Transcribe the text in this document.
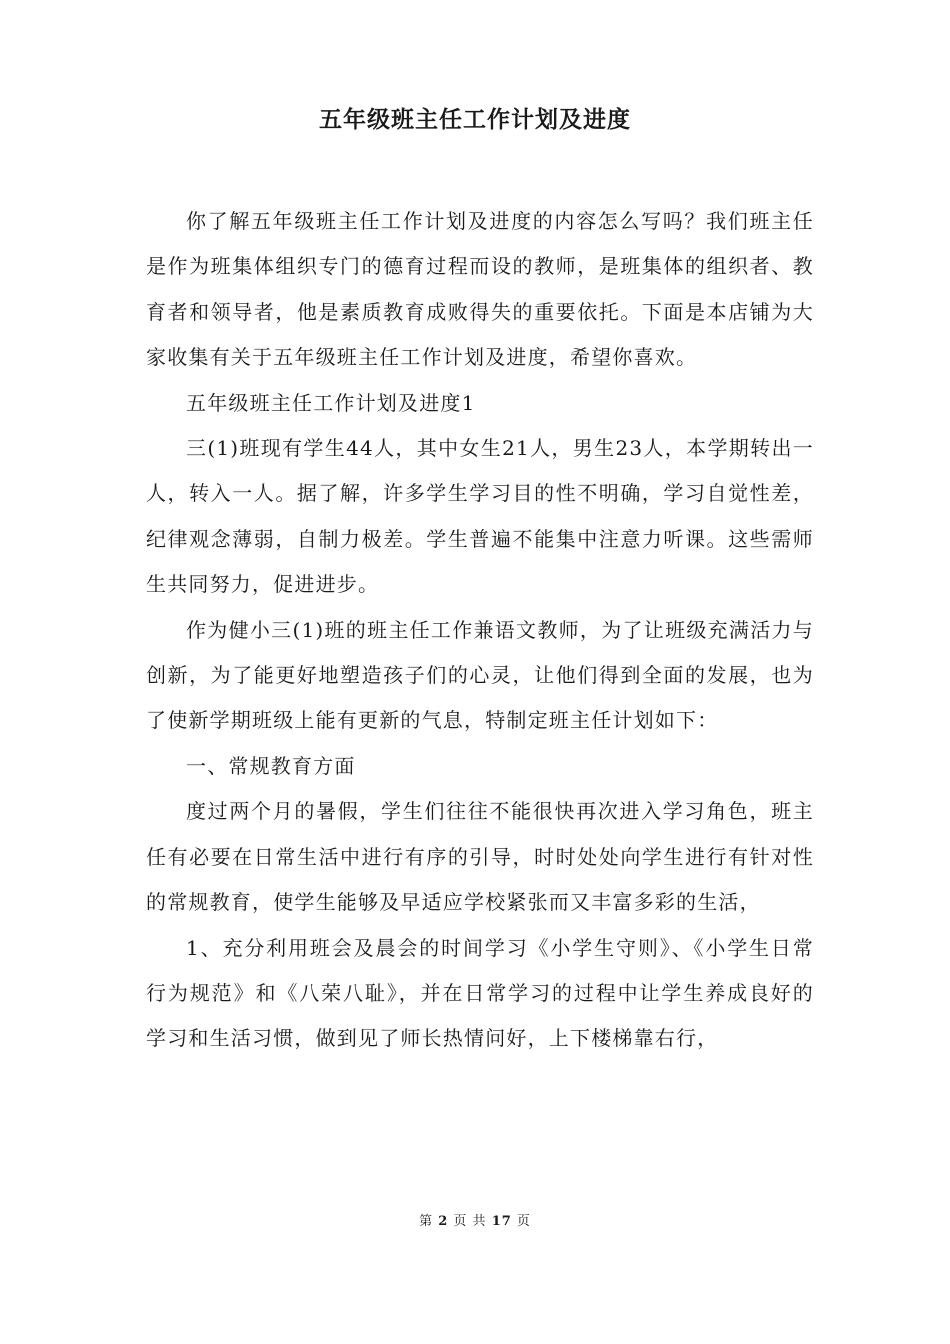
五年级班主任工作计划及进度

你了解五年级班主任工作计划及进度的内容怎么写吗？我们班主任是作为班集体组织专门的德育过程而设的教师，是班集体的组织者、教育者和领导者，他是素质教育成败得失的重要依托。下面是本店铺为大家收集有关于五年级班主任工作计划及进度，希望你喜欢。

五年级班主任工作计划及进度1

三(1)班现有学生44人，其中女生21人，男生23人，本学期转出一人，转入一人。据了解，许多学生学习目的性不明确，学习自觉性差，纪律观念薄弱，自制力极差。学生普遍不能集中注意力听课。这些需师生共同努力，促进进步。

作为健小三(1)班的班主任工作兼语文教师，为了让班级充满活力与创新，为了能更好地塑造孩子们的心灵，让他们得到全面的发展，也为了使新学期班级上能有更新的气息，特制定班主任计划如下：

一、常规教育方面

度过两个月的暑假，学生们往往不能很快再次进入学习角色，班主任有必要在日常生活中进行有序的引导，时时处处向学生进行有针对性的常规教育，使学生能够及早适应学校紧张而又丰富多彩的生活，

1、充分利用班会及晨会的时间学习《小学生守则》、《小学生日常行为规范》和《八荣八耻》，并在日常学习的过程中让学生养成良好的学习和生活习惯，做到见了师长热情问好，上下楼梯靠右行，

第 2 页 共 17 页
